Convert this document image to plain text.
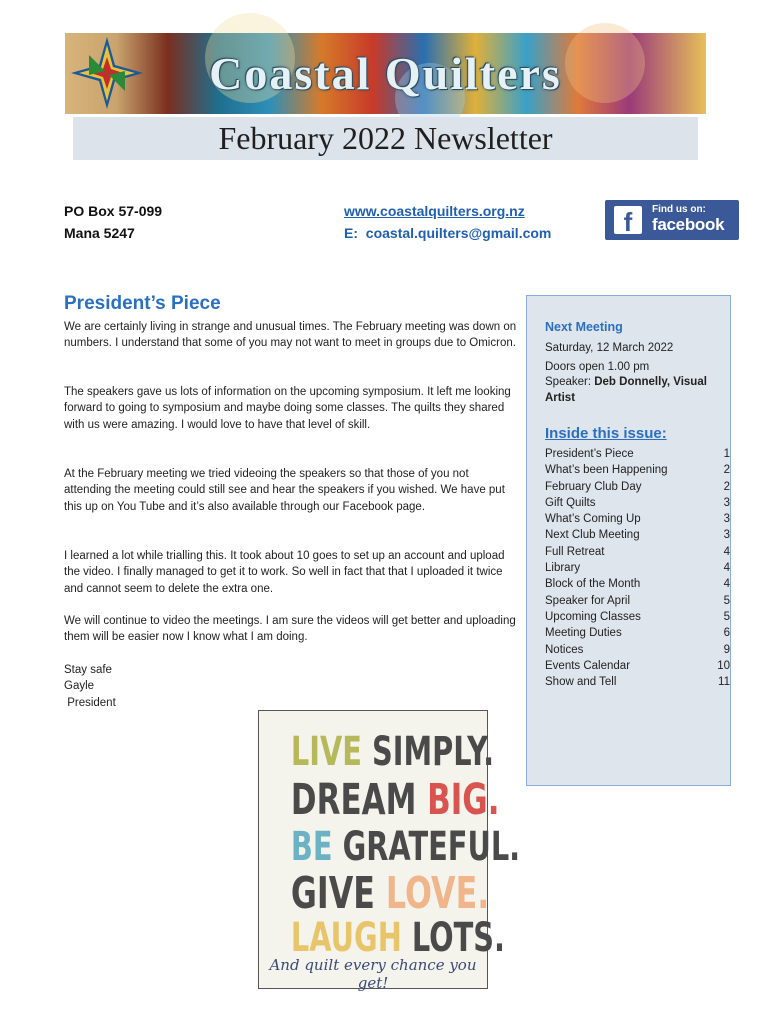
Coastal Quilters
February 2022 Newsletter
PO Box 57-099
Mana 5247
www.coastalquilters.org.nz
E: coastal.quilters@gmail.com	f	Find us on:
facebook
President’s Piece

We are certainly living in strange and unusual times. The February meeting was down on numbers. I understand that some of you may not want to meet in groups due to Omicron.

The speakers gave us lots of information on the upcoming symposium. It left me looking forward to going to symposium and maybe doing some classes. The quilts they shared with us were amazing. I would love to have that level of skill.

At the February meeting we tried videoing the speakers so that those of you not attending the meeting could still see and hear the speakers if you wished. We have put this up on You Tube and it’s also available through our Facebook page.

I learned a lot while trialling this. It took about 10 goes to set up an account and upload the video. I finally managed to get it to work. So well in fact that that I uploaded it twice and cannot seem to delete the extra one.

We will continue to video the meetings. I am sure the videos will get better and uploading them will be easier now I know what I am doing.

Stay safe

Gayle

President

Next Meeting
Saturday, 12 March 2022
Doors open 1.00 pm
Speaker: Deb Donnelly, Visual Artist
Inside this issue:
President’s Piece	1
What’s been Happening	2
February Club Day	2
Gift Quilts	3
What’s Coming Up	3
Next Club Meeting	3
Full Retreat	4
Library	4
Block of the Month	4
Speaker for April	5
Upcoming Classes	5
Meeting Duties	6
Notices	9
Events Calendar	10
Show and Tell	11
LIVE SIMPLY.
DREAM BIG.
BE GRATEFUL.
GIVE LOVE.
LAUGH LOTS.
And quilt every chance you get!
